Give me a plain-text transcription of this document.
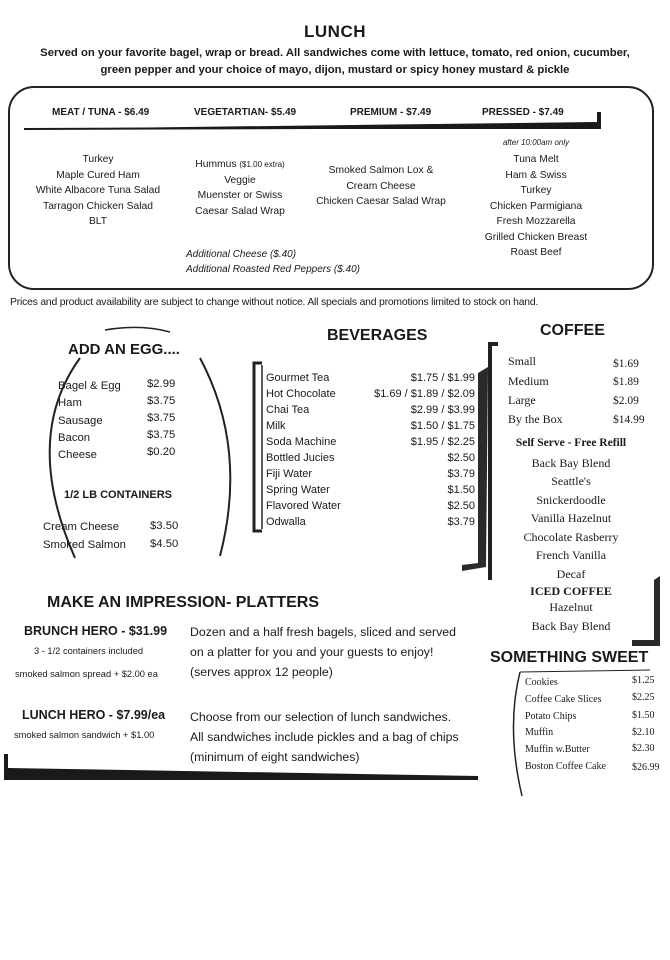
LUNCH
Served on your favorite bagel, wrap or bread. All sandwiches come with lettuce, tomato, red onion, cucumber,
green pepper and your choice of mayo, dijon, mustard or spicy honey mustard & pickle
MEAT / TUNA - $6.49	VEGETARTIAN- $5.49	PREMIUM - $7.49	PRESSED - $7.49
Turkey
Maple Cured Ham
White Albacore Tuna Salad
Tarragon Chicken Salad
BLT
Hummus ($1.00 extra)
Veggie
Muenster or Swiss
Caesar Salad Wrap
Smoked Salmon Lox &
Cream Cheese
Chicken Caesar Salad Wrap
after 10:00am only
Tuna Melt
Ham & Swiss
Turkey
Chicken Parmigiana
Fresh Mozzarella
Grilled Chicken Breast
Roast Beef
Additional Cheese ($.40)
Additional Roasted Red Peppers ($.40)
Prices and product availability are subject to change without notice. All specials and promotions limited to stock on hand.
ADD AN EGG....
Bagel & Egg $2.99
Ham	$3.75
Sausage	$3.75
Bacon	$3.75
Cheese	$0.20
1/2 LB CONTAINERS
Cream Cheese	$3.50
Smoked Salmon $4.50
BEVERAGES
Gourmet Tea	$1.75 / $1.99
Hot Chocolate	$1.69 / $1.89 / $2.09
Chai Tea	$2.99 / $3.99
Milk	$1.50 / $1.75
Soda Machine	$1.95 / $2.25
Bottled Jucies	$2.50
Fiji Water	$3.79
Spring Water	$1.50
Flavored Water	$2.50
Odwalla	$3.79
COFFEE
Small	$1.69
Medium	$1.89
Large	$2.09
By the Box	$14.99
Self Serve - Free Refill
Back Bay Blend
Seattle's
Snickerdoodle
Vanilla Hazelnut
Chocolate Rasberry
French Vanilla
Decaf
ICED COFFEE
Hazelnut
Back Bay Blend
MAKE AN IMPRESSION- PLATTERS
BRUNCH HERO - $31.99
3 - 1/2 containers included
smoked salmon spread + $2.00 ea
Dozen and a half fresh bagels, sliced and served
on a platter for you and your guests to enjoy!
(serves approx 12 people)
LUNCH HERO - $7.99/ea
smoked salmon sandwich + $1.00
Choose from our selection of lunch sandwiches.
All sandwiches include pickles and a bag of chips
(minimum of eight sandwiches)
SOMETHING SWEET
Cookies	$1.25
Coffee Cake Slices	$2.25
Potato Chips	$1.50
Muffin	$2.10
Muffin w.Butter	$2.30
Boston Coffee Cake	$26.99
